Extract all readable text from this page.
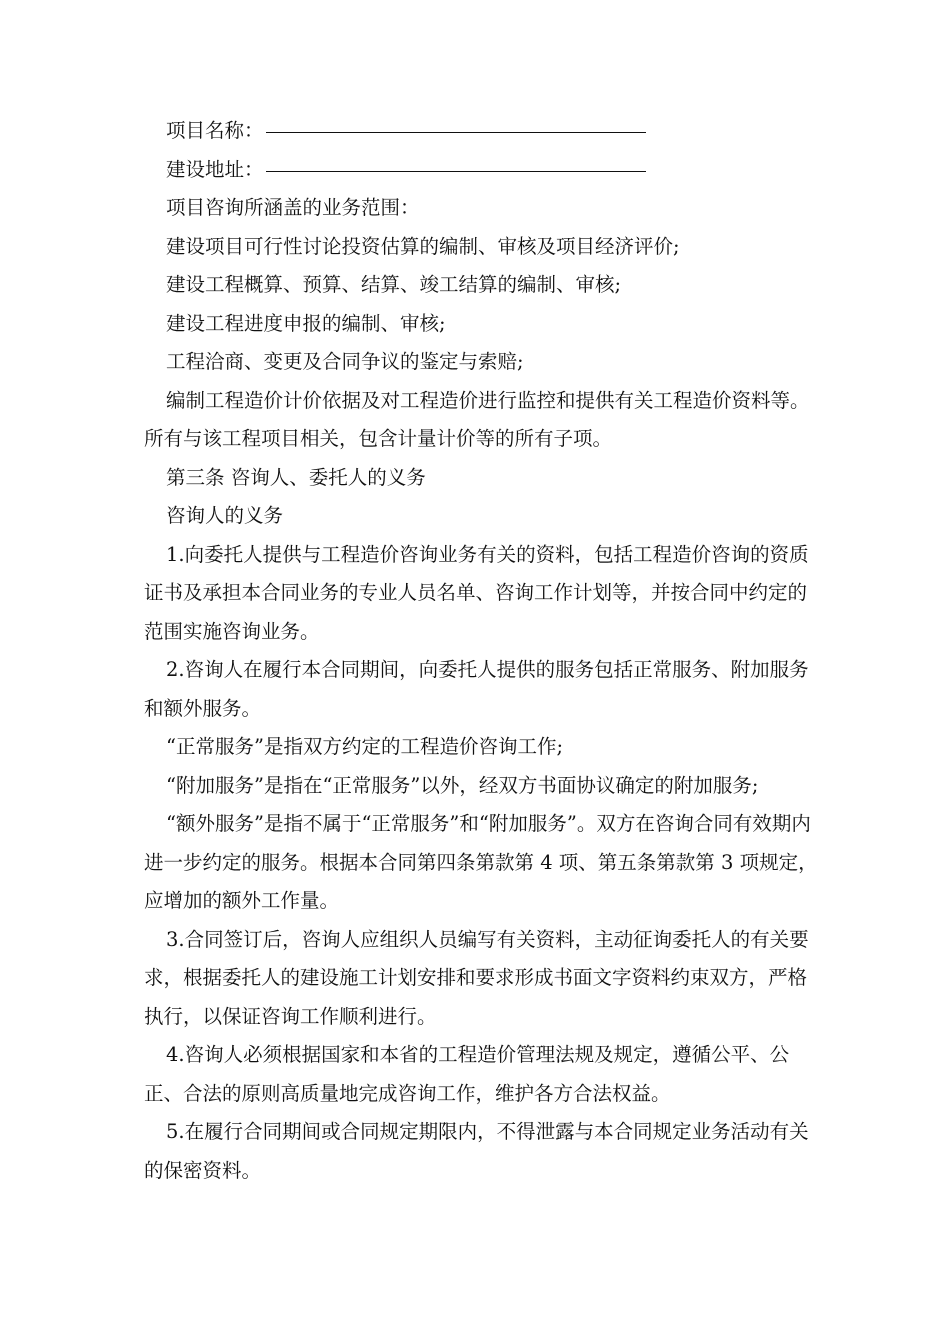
项目名称：
建设地址：

项目咨询所涵盖的业务范围：

建设项目可行性讨论投资估算的编制、审核及项目经济评价;

建设工程概算、预算、结算、竣工结算的编制、审核;

建设工程进度申报的编制、审核;

工程洽商、变更及合同争议的鉴定与索赔;

编制工程造价计价依据及对工程造价进行监控和提供有关工程造价资料等。 所有与该工程项目相关，包含计量计价等的所有子项。

第三条 咨询人、委托人的义务

咨询人的义务

1.向委托人提供与工程造价咨询业务有关的资料，包括工程造价咨询的资质证书及承担本合同业务的专业人员名单、咨询工作计划等，并按合同中约定的范围实施咨询业务。

2.咨询人在履行本合同期间，向委托人提供的服务包括正常服务、附加服务和额外服务。

“正常服务”是指双方约定的工程造价咨询工作;

“附加服务”是指在“正常服务”以外，经双方书面协议确定的附加服务;

“额外服务”是指不属于“正常服务”和“附加服务”。双方在咨询合同有效期内进一步约定的服务。根据本合同第四条第款第 4 项、第五条第款第 3 项规定，应增加的额外工作量。

3.合同签订后，咨询人应组织人员编写有关资料，主动征询委托人的有关要求，根据委托人的建设施工计划安排和要求形成书面文字资料约束双方，严格执行，以保证咨询工作顺利进行。

4.咨询人必须根据国家和本省的工程造价管理法规及规定，遵循公平、公正、合法的原则高质量地完成咨询工作，维护各方合法权益。

5.在履行合同期间或合同规定期限内，不得泄露与本合同规定业务活动有关的保密资料。
